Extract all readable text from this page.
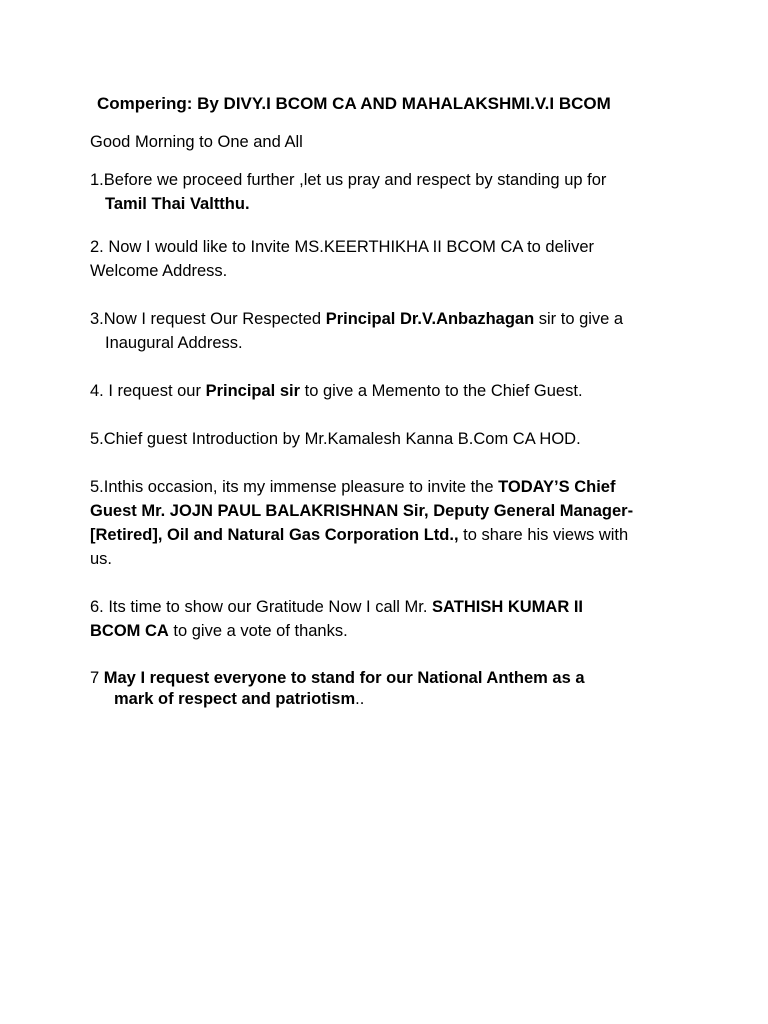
Compering: By DIVY.I BCOM CA AND MAHALAKSHMI.V.I BCOM
Good Morning to One and All
1.Before we proceed further ,let us pray and respect by standing up for
Tamil Thai Valtthu.
2. Now I would like to Invite MS.KEERTHIKHA II BCOM CA to deliver
Welcome Address.
3.Now I request Our Respected Principal Dr.V.Anbazhagan sir to give a
Inaugural Address.
4. I request our Principal sir to give a Memento to the Chief Guest.
5.Chief guest Introduction by Mr.Kamalesh Kanna B.Com CA HOD.
5.Inthis occasion, its my immense pleasure to invite the TODAY’S Chief
Guest Mr. JOJN PAUL BALAKRISHNAN Sir, Deputy General Manager-
[Retired], Oil and Natural Gas Corporation Ltd., to share his views with
us.
6. Its time to show our Gratitude Now I call Mr. SATHISH KUMAR II
BCOM CA to give a vote of thanks.
7 May I request everyone to stand for our National Anthem as a
mark of respect and patriotism..
